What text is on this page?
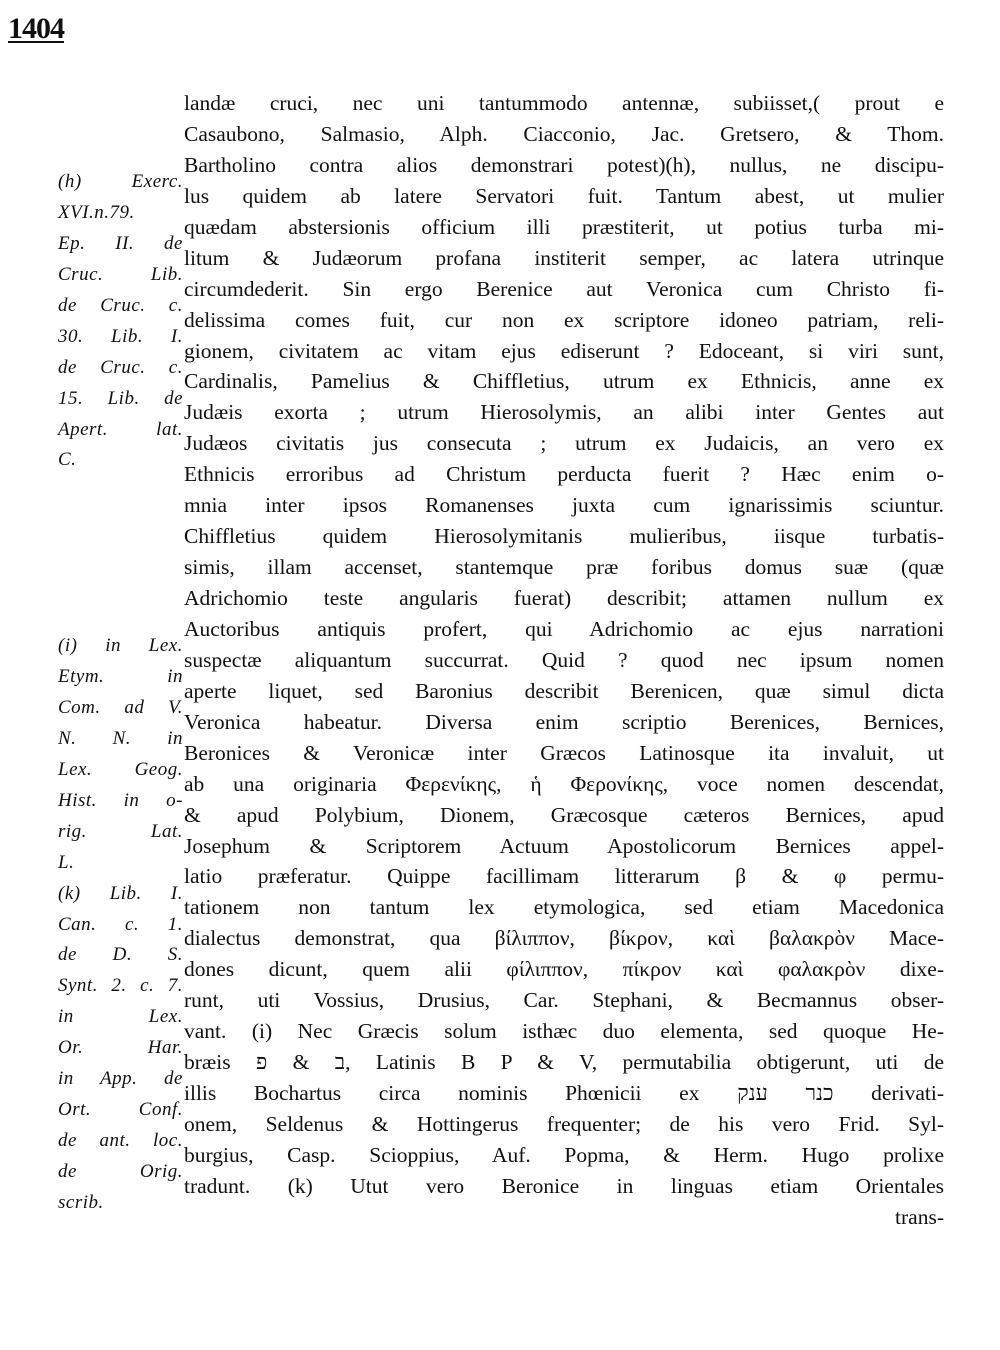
1404
(h) Exerc.
XVI.n.79.
Ep. II. de
Cruc. Lib.
de Cruc. c.
30. Lib. I.
de Cruc. c.
15. Lib. de
Apert. lat.
C.
(i) in Lex.
Etym. in
Com. ad V.
N. N. in
Lex. Geog.
Hist. in o-
rig. Lat.
L.
(k) Lib. I.
Can. c. 1.
de D. S.
Synt. 2. c. 7.
in Lex.
Or. Har.
in App. de
Ort. Conf.
de ant. loc.
de Orig.
scrib.
landæ cruci, nec uni tantummodo antennæ, subiisset,( prout e
Casaubono, Salmasio, Alph. Ciacconio, Jac. Gretsero, & Thom.
Bartholino contra alios demonstrari potest)(h), nullus, ne discipu-
lus quidem ab latere Servatori fuit. Tantum abest, ut mulier
quædam abstersionis officium illi præstiterit, ut potius turba mi-
litum & Judæorum profana institerit semper, ac latera utrinque
circumdederit. Sin ergo Berenice aut Veronica cum Christo fi-
delissima comes fuit, cur non ex scriptore idoneo patriam, reli-
gionem, civitatem ac vitam ejus ediserunt ? Edoceant, si viri sunt,
Cardinalis, Pamelius & Chiffletius, utrum ex Ethnicis, anne ex
Judæis exorta ; utrum Hierosolymis, an alibi inter Gentes aut
Judæos civitatis jus consecuta ; utrum ex Judaicis, an vero ex
Ethnicis erroribus ad Christum perducta fuerit ? Hæc enim o-
mnia inter ipsos Romanenses juxta cum ignarissimis sciuntur.
Chiffletius quidem Hierosolymitanis mulieribus, iisque turbatis-
simis, illam accenset, stantemque præ foribus domus suæ (quæ
Adrichomio teste angularis fuerat) describit; attamen nullum ex
Auctoribus antiquis profert, qui Adrichomio ac ejus narrationi
suspectæ aliquantum succurrat. Quid ? quod nec ipsum nomen
aperte liquet, sed Baronius describit Berenicen, quæ simul dicta
Veronica habeatur. Diversa enim scriptio Berenices, Bernices,
Beronices & Veronicæ inter Græcos Latinosque ita invaluit, ut
ab una originaria Φερενίκης, ἡ Φερονίκης, voce nomen descendat,
& apud Polybium, Dionem, Græcosque cæteros Bernices, apud
Josephum & Scriptorem Actuum Apostolicorum Bernices appel-
latio præferatur. Quippe facillimam litterarum β & φ permu-
tationem non tantum lex etymologica, sed etiam Macedonica
dialectus demonstrat, qua βίλιππον, βίκρον, καὶ βαλακρὸν Mace-
dones dicunt, quem alii φίλιππον, πίκρον καὶ φαλακρὸν dixe-
runt, uti Vossius, Drusius, Car. Stephani, & Becmannus obser-
vant. (i) Nec Græcis solum isthæc duo elementa, sed quoque He-
bræis ב & פ, Latinis B P & V, permutabilia obtigerunt, uti de
illis Bochartus circa nominis Phœnicii ex כנר ענק derivati-
onem, Seldenus & Hottingerus frequenter; de his vero Frid. Syl-
burgius, Casp. Scioppius, Auf. Popma, & Herm. Hugo prolixe
tradunt. (k) Utut vero Beronice in linguas etiam Orientales
trans-
